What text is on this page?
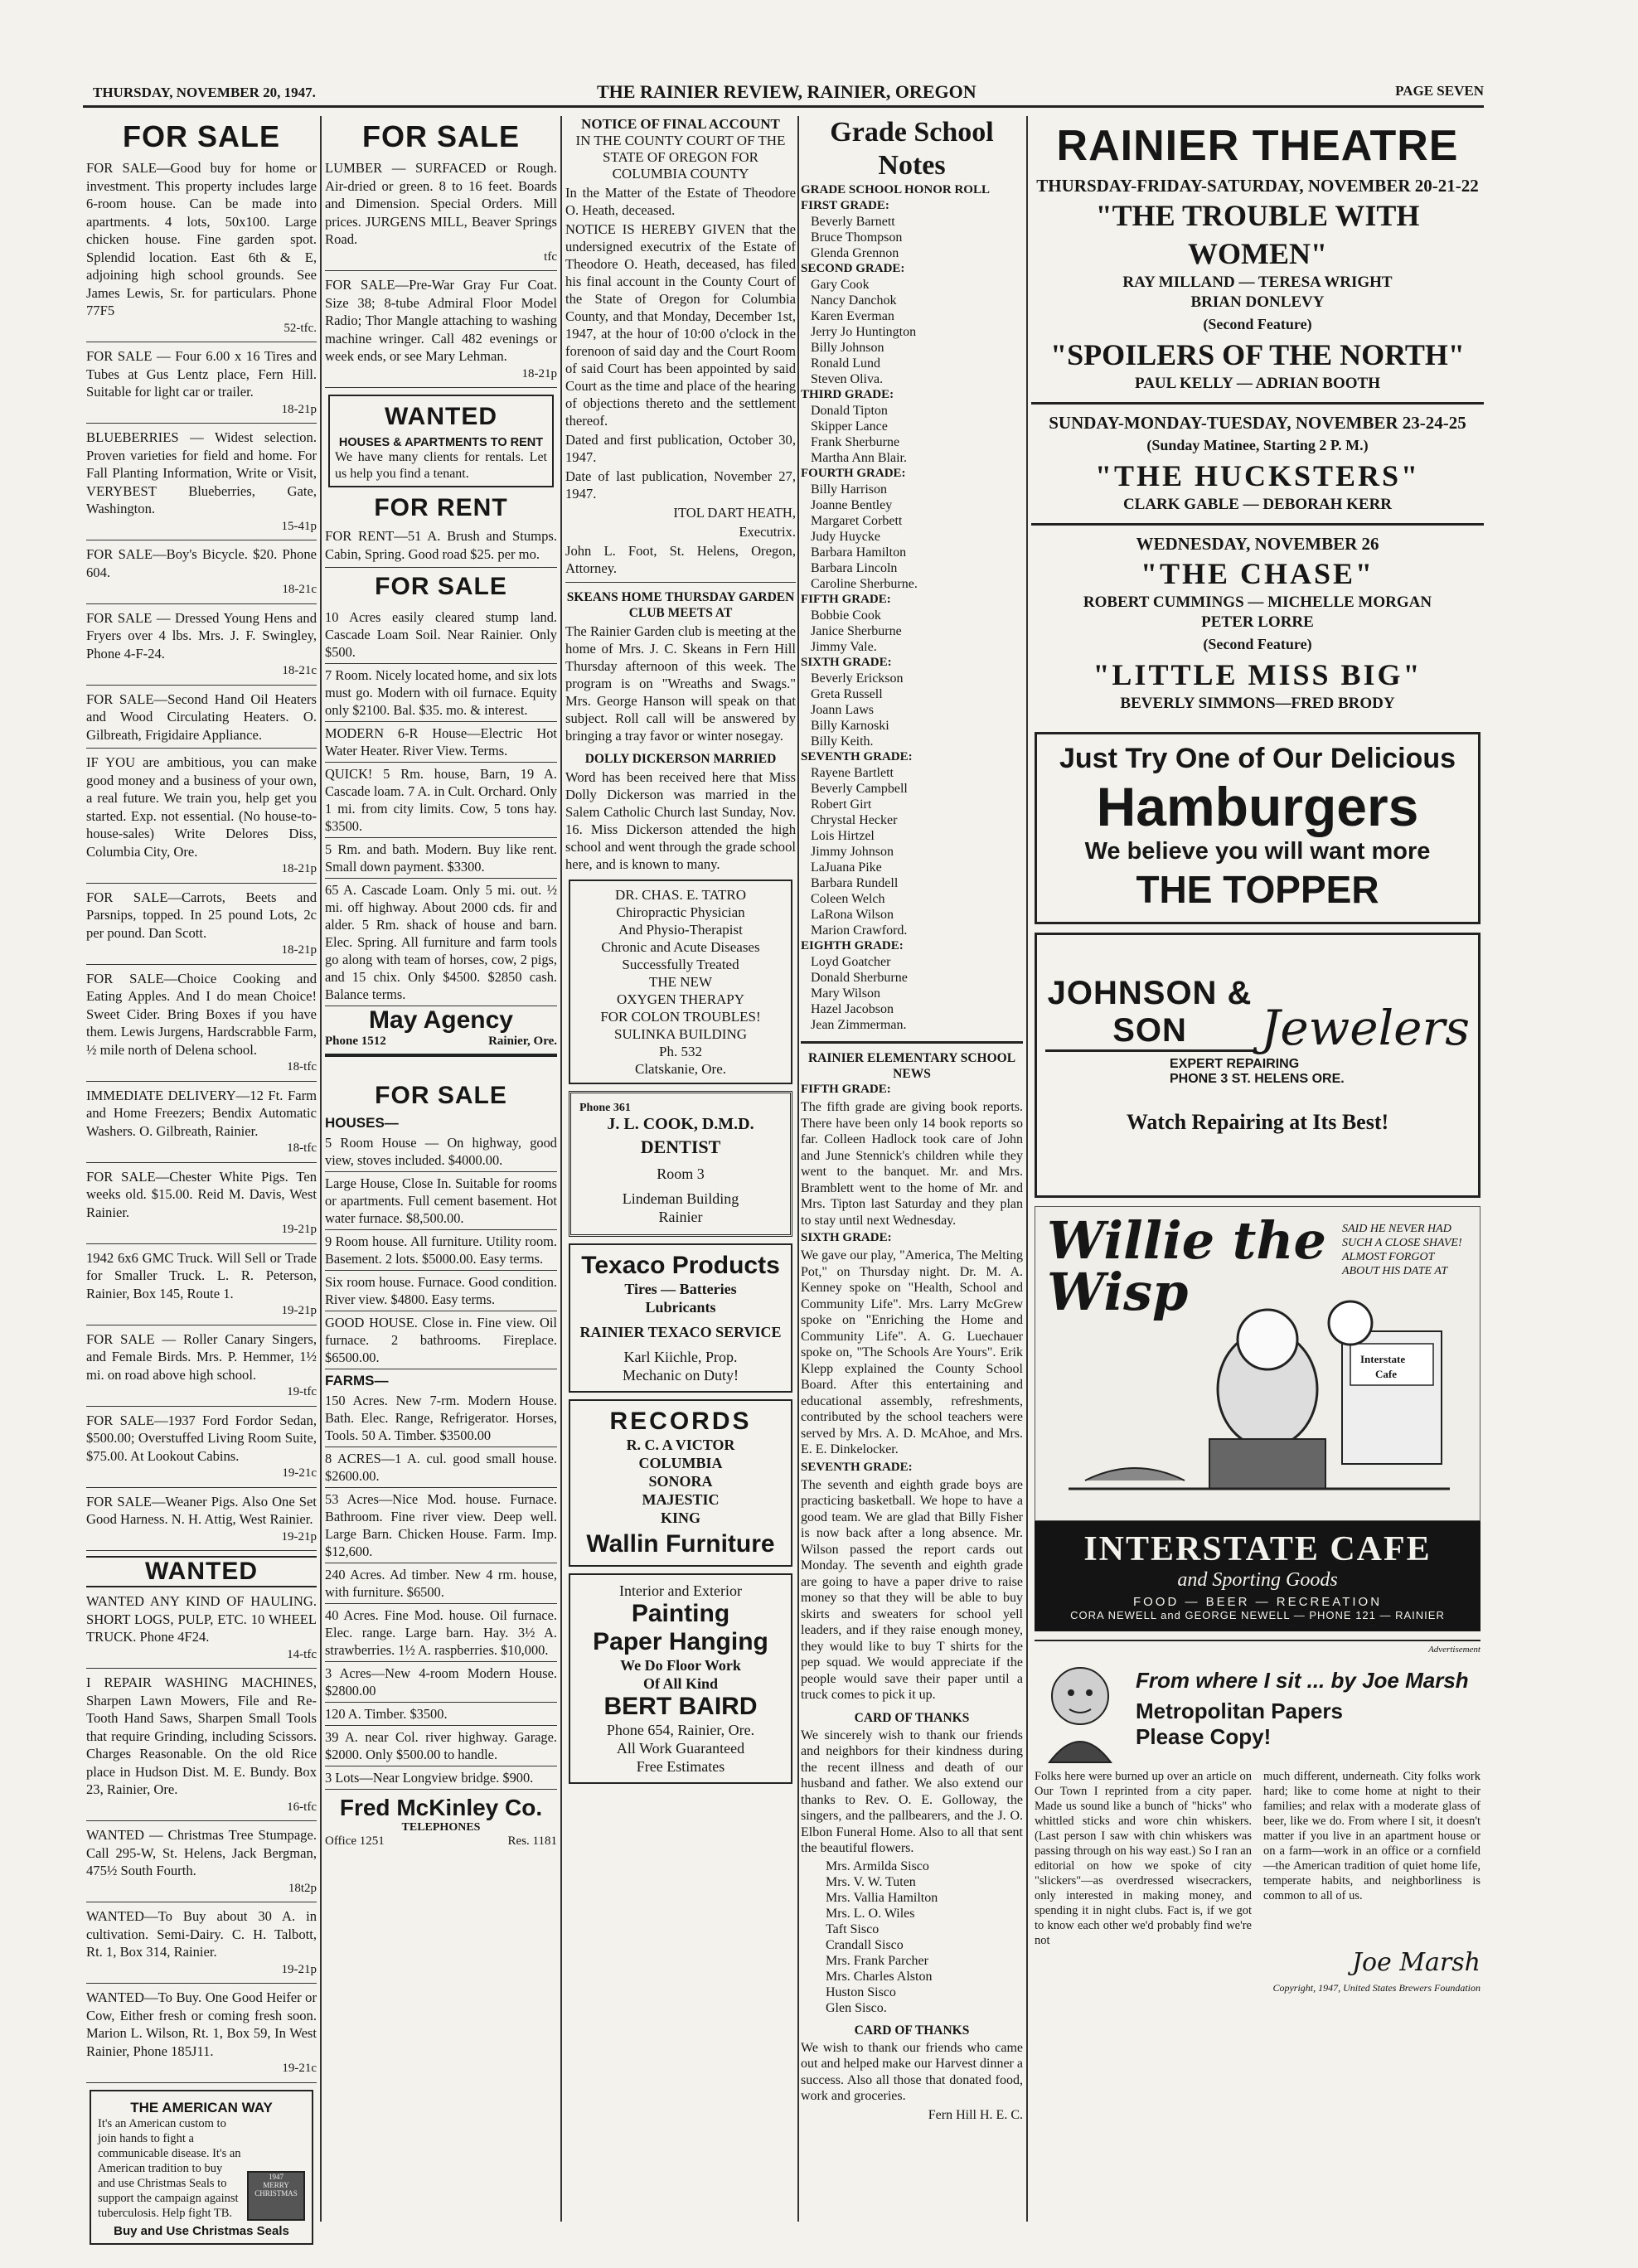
THURSDAY, NOVEMBER 20, 1947.	THE RAINIER REVIEW, RAINIER, OREGON	PAGE SEVEN
FOR SALE
FOR SALE—Good buy for home or investment. This property includes large 6-room house. Can be made into apartments. 4 lots, 50x100. Large chicken house. Fine garden spot. Splendid location. East 6th & E, adjoining high school grounds. See James Lewis, Sr. for particulars. Phone 77F5
52-tfc.
FOR SALE — Four 6.00 x 16 Tires and Tubes at Gus Lentz place, Fern Hill. Suitable for light car or trailer.
18-21p
BLUEBERRIES — Widest selection. Proven varieties for field and home. For Fall Planting Information, Write or Visit, VERYBEST Blueberries, Gate, Washington.
15-41p
FOR SALE—Boy's Bicycle. $20. Phone 604.
18-21c
FOR SALE — Dressed Young Hens and Fryers over 4 lbs. Mrs. J. F. Swingley, Phone 4-F-24.
18-21c
FOR SALE—Second Hand Oil Heaters and Wood Circulating Heaters. O. Gilbreath, Frigidaire Appliance.
IF YOU are ambitious, you can make good money and a business of your own, a real future. We train you, help get you started. Exp. not essential. (No house-to-house-sales) Write Delores Diss, Columbia City, Ore.
18-21p
FOR SALE—Carrots, Beets and Parsnips, topped. In 25 pound Lots, 2c per pound. Dan Scott.
18-21p
FOR SALE—Choice Cooking and Eating Apples. And I do mean Choice! Sweet Cider. Bring Boxes if you have them. Lewis Jurgens, Hardscrabble Farm, ½ mile north of Delena school.
18-tfc
IMMEDIATE DELIVERY—12 Ft. Farm and Home Freezers; Bendix Automatic Washers. O. Gilbreath, Rainier.
18-tfc
FOR SALE—Chester White Pigs. Ten weeks old. $15.00. Reid M. Davis, West Rainier.
19-21p
1942 6x6 GMC Truck. Will Sell or Trade for Smaller Truck. L. R. Peterson, Rainier, Box 145, Route 1.
19-21p
FOR SALE — Roller Canary Singers, and Female Birds. Mrs. P. Hemmer, 1½ mi. on road above high school.
19-tfc
FOR SALE—1937 Ford Fordor Sedan, $500.00; Overstuffed Living Room Suite, $75.00. At Lookout Cabins.
19-21c
FOR SALE—Weaner Pigs. Also One Set Good Harness. N. H. Attig, West Rainier.
19-21p
WANTED
WANTED ANY KIND OF HAULING. SHORT LOGS, PULP, ETC. 10 WHEEL TRUCK. Phone 4F24.
14-tfc
I REPAIR WASHING MACHINES, Sharpen Lawn Mowers, File and Re-Tooth Hand Saws, Sharpen Small Tools that require Grinding, including Scissors. Charges Reasonable. On the old Rice place in Hudson Dist. M. E. Bundy. Box 23, Rainier, Ore.
16-tfc
WANTED — Christmas Tree Stumpage. Call 295-W, St. Helens, Jack Bergman, 475½ South Fourth.
18t2p
WANTED—To Buy about 30 A. in cultivation. Semi-Dairy. C. H. Talbott, Rt. 1, Box 314, Rainier.
19-21p
WANTED—To Buy. One Good Heifer or Cow, Either fresh or coming fresh soon. Marion L. Wilson, Rt. 1, Box 59, In West Rainier, Phone 185J11.
19-21c
THE AMERICAN WAY
It's an American custom to join hands to fight a communicable disease. It's an American tradition to buy and use Christmas Seals to support the campaign against tuberculosis. Help fight TB.
1947
MERRY CHRISTMAS
Buy and Use Christmas Seals
FOR SALE
LUMBER — SURFACED or Rough. Air-dried or green. 8 to 16 feet. Boards and Dimension. Special Orders. Mill prices. JURGENS MILL, Beaver Springs Road.
tfc
FOR SALE—Pre-War Gray Fur Coat. Size 38; 8-tube Admiral Floor Model Radio; Thor Mangle attaching to washing machine wringer. Call 482 evenings or week ends, or see Mary Lehman.
18-21p
WANTED
HOUSES & APARTMENTS TO RENT
We have many clients for rentals. Let us help you find a tenant.
FOR RENT
FOR RENT—51 A. Brush and Stumps. Cabin, Spring. Good road $25. per mo.
FOR SALE
10 Acres easily cleared stump land. Cascade Loam Soil. Near Rainier. Only $500.
7 Room. Nicely located home, and six lots must go. Modern with oil furnace. Equity only $2100. Bal. $35. mo. & interest.
MODERN 6-R House—Electric Hot Water Heater. River View. Terms.
QUICK! 5 Rm. house, Barn, 19 A. Cascade loam. 7 A. in Cult. Orchard. Only 1 mi. from city limits. Cow, 5 tons hay. $3500.
5 Rm. and bath. Modern. Buy like rent. Small down payment. $3300.
65 A. Cascade Loam. Only 5 mi. out. ½ mi. off highway. About 2000 cds. fir and alder. 5 Rm. shack of house and barn. Elec. Spring. All furniture and farm tools go along with team of horses, cow, 2 pigs, and 15 chix. Only $4500. $2850 cash. Balance terms.
May Agency
Phone 1512	Rainier, Ore.
FOR SALE
HOUSES—
5 Room House — On highway, good view, stoves included. $4000.00.
Large House, Close In. Suitable for rooms or apartments. Full cement basement. Hot water furnace. $8,500.00.
9 Room house. All furniture. Utility room. Basement. 2 lots. $5000.00. Easy terms.
Six room house. Furnace. Good condition. River view. $4800. Easy terms.
GOOD HOUSE. Close in. Fine view. Oil furnace. 2 bathrooms. Fireplace. $6500.00.
FARMS—
150 Acres. New 7-rm. Modern House. Bath. Elec. Range, Refrigerator. Horses, Tools. 50 A. Timber. $3500.00
8 ACRES—1 A. cul. good small house. $2600.00.
53 Acres—Nice Mod. house. Furnace. Bathroom. Fine river view. Deep well. Large Barn. Chicken House. Farm. Imp. $12,600.
240 Acres. Ad timber. New 4 rm. house, with furniture. $6500.
40 Acres. Fine Mod. house. Oil furnace. Elec. range. Large barn. Hay. 3½ A. strawberries. 1½ A. raspberries. $10,000.
3 Acres—New 4-room Modern House. $2800.00
120 A. Timber. $3500.
39 A. near Col. river highway. Garage. $2000. Only $500.00 to handle.
3 Lots—Near Longview bridge. $900.
Fred McKinley Co.
TELEPHONES
Office 1251	Res. 1181
NOTICE OF FINAL ACCOUNT
IN THE COUNTY COURT OF THE STATE OF OREGON FOR COLUMBIA COUNTY

In the Matter of the Estate of Theodore O. Heath, deceased.

NOTICE IS HEREBY GIVEN that the undersigned executrix of the Estate of Theodore O. Heath, deceased, has filed his final account in the County Court of the State of Oregon for Columbia County, and that Monday, December 1st, 1947, at the hour of 10:00 o'clock in the forenoon of said day and the Court Room of said Court has been appointed by said Court as the time and place of the hearing of objections thereto and the settlement thereof.

Dated and first publication, October 30, 1947.

Date of last publication, November 27, 1947.

ITOL DART HEATH,

Executrix.

John L. Foot, St. Helens, Oregon, Attorney.

SKEANS HOME THURSDAY GARDEN CLUB MEETS AT

The Rainier Garden club is meeting at the home of Mrs. J. C. Skeans in Fern Hill Thursday afternoon of this week. The program is on "Wreaths and Swags." Mrs. George Hanson will speak on that subject. Roll call will be answered by bringing a tray favor or winter nosegay.

DOLLY DICKERSON MARRIED

Word has been received here that Miss Dolly Dickerson was married in the Salem Catholic Church last Sunday, Nov. 16. Miss Dickerson attended the high school and went through the grade school here, and is known to many.

DR. CHAS. E. TATRO
Chiropractic Physician
And Physio-Therapist
Chronic and Acute Diseases
Successfully Treated
THE NEW
OXYGEN THERAPY
FOR COLON TROUBLES!
SULINKA BUILDING
Ph. 532
Clatskanie, Ore.
Phone 361
J. L. COOK, D.M.D.
DENTIST
Room 3
Lindeman Building
Rainier
Texaco Products
Tires — Batteries
Lubricants
RAINIER TEXACO SERVICE
Karl Kiichle, Prop.
Mechanic on Duty!
RECORDS
R. C. A VICTOR
COLUMBIA
SONORA
MAJESTIC
KING
Wallin Furniture
Interior and Exterior
Painting
Paper Hanging
We Do Floor Work
Of All Kind
BERT BAIRD
Phone 654, Rainier, Ore.
All Work Guaranteed
Free Estimates
Grade School Notes
GRADE SCHOOL HONOR ROLL
FIRST GRADE:
Beverly Barnett
Bruce Thompson
Glenda Grennon
SECOND GRADE:
Gary Cook
Nancy Danchok
Karen Everman
Jerry Jo Huntington
Billy Johnson
Ronald Lund
Steven Oliva.
THIRD GRADE:
Donald Tipton
Skipper Lance
Frank Sherburne
Martha Ann Blair.
FOURTH GRADE:
Billy Harrison
Joanne Bentley
Margaret Corbett
Judy Huycke
Barbara Hamilton
Barbara Lincoln
Caroline Sherburne.
FIFTH GRADE:
Bobbie Cook
Janice Sherburne
Jimmy Vale.
SIXTH GRADE:
Beverly Erickson
Greta Russell
Joann Laws
Billy Karnoski
Billy Keith.
SEVENTH GRADE:
Rayene Bartlett
Beverly Campbell
Robert Girt
Chrystal Hecker
Lois Hirtzel
Jimmy Johnson
LaJuana Pike
Barbara Rundell
Coleen Welch
LaRona Wilson
Marion Crawford.
EIGHTH GRADE:
Loyd Goatcher
Donald Sherburne
Mary Wilson
Hazel Jacobson
Jean Zimmerman.
RAINIER ELEMENTARY SCHOOL NEWS
FIFTH GRADE:

The fifth grade are giving book reports. There have been only 14 book reports so far. Colleen Hadlock took care of John and June Stennick's children while they went to the banquet. Mr. and Mrs. Bramblett went to the home of Mr. and Mrs. Tipton last Saturday and they plan to stay until next Wednesday.

SIXTH GRADE:

We gave our play, "America, The Melting Pot," on Thursday night. Dr. M. A. Kenney spoke on "Health, School and Community Life". Mrs. Larry McGrew spoke on "Enriching the Home and Community Life". A. G. Luechauer spoke on, "The Schools Are Yours". Erik Klepp explained the County School Board. After this entertaining and educational assembly, refreshments, contributed by the school teachers were served by Mrs. A. D. McAhoe, and Mrs. E. E. Dinkelocker.

SEVENTH GRADE:

The seventh and eighth grade boys are practicing basketball. We hope to have a good team. We are glad that Billy Fisher is now back after a long absence. Mr. Wilson passed the report cards out Monday. The seventh and eighth grade are going to have a paper drive to raise money so that they will be able to buy skirts and sweaters for school yell leaders, and if they raise enough money, they would like to buy T shirts for the pep squad. We would appreciate if the people would save their paper until a truck comes to pick it up.

CARD OF THANKS

We sincerely wish to thank our friends and neighbors for their kindness during the recent illness and death of our husband and father. We also extend our thanks to Rev. O. E. Golloway, the singers, and the pallbearers, and the J. O. Elbon Funeral Home. Also to all that sent the beautiful flowers.

Mrs. Armilda Sisco
Mrs. V. W. Tuten
Mrs. Vallia Hamilton
Mrs. L. O. Wiles
Taft Sisco
Crandall Sisco
Mrs. Frank Parcher
Mrs. Charles Alston
Huston Sisco
Glen Sisco.
CARD OF THANKS

We wish to thank our friends who came out and helped make our Harvest dinner a success. Also all those that donated food, work and groceries.

Fern Hill H. E. C.

RAINIER THEATRE
THURSDAY-FRIDAY-SATURDAY, NOVEMBER 20-21-22
"THE TROUBLE WITH WOMEN"
RAY MILLAND — TERESA WRIGHT
BRIAN DONLEVY
(Second Feature)
"SPOILERS OF THE NORTH"
PAUL KELLY — ADRIAN BOOTH
SUNDAY-MONDAY-TUESDAY, NOVEMBER 23-24-25
(Sunday Matinee, Starting 2 P. M.)
"THE HUCKSTERS"
CLARK GABLE — DEBORAH KERR
WEDNESDAY, NOVEMBER 26
"THE CHASE"
ROBERT CUMMINGS — MICHELLE MORGAN
PETER LORRE
(Second Feature)
"LITTLE MISS BIG"
BEVERLY SIMMONS—FRED BRODY
Just Try One of Our Delicious
Hamburgers
We believe you will want more
THE TOPPER
JOHNSON & SON	Jewelers
EXPERT REPAIRING
PHONE 3 ST. HELENS ORE.
Watch Repairing at Its Best!
Willie the Wisp
SAID HE NEVER HAD SUCH A CLOSE SHAVE! ALMOST FORGOT ABOUT HIS DATE AT
Interstate
Cafe
INTERSTATE CAFE
and Sporting Goods
FOOD — BEER — RECREATION
CORA NEWELL and GEORGE NEWELL — PHONE 121 — RAINIER
Advertisement
From where I sit ... by Joe Marsh
Metropolitan Papers
Please Copy!
Folks here were burned up over an article on Our Town I reprinted from a city paper. Made us sound like a bunch of "hicks" who whittled sticks and wore chin whiskers. (Last person I saw with chin whiskers was passing through on his way east.) So I ran an editorial on how we spoke of city "slickers"—as overdressed wisecrackers, only interested in making money, and spending it in night clubs. Fact is, if we got to know each other we'd probably find we're not
much different, underneath. City folks work hard; like to come home at night to their families; and relax with a moderate glass of beer, like we do. From where I sit, it doesn't matter if you live in an apartment house or on a farm—work in an office or a cornfield—the American tradition of quiet home life, temperate habits, and neighborliness is common to all of us.
Joe Marsh
Copyright, 1947, United States Brewers Foundation
